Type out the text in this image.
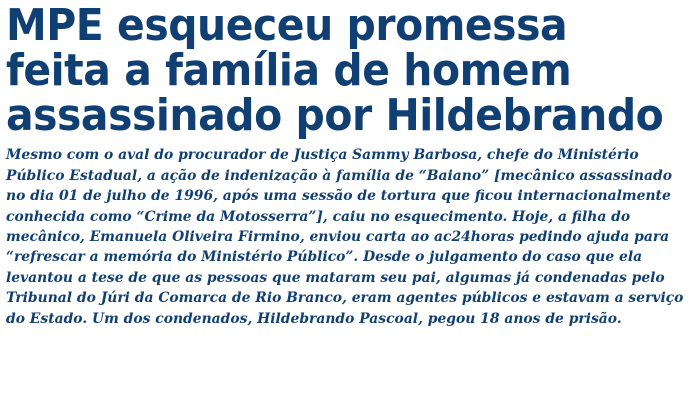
MPE esqueceu promessa
feita a família de homem
assassinado por Hildebrando

Mesmo com o aval do procurador de Justiça Sammy Barbosa, chefe do Ministério Público Estadual, a ação de indenização à família de “Baiano” [mecânico assassinado no dia 01 de julho de 1996, após uma sessão de tortura que ficou internacionalmente conhecida como “Crime da Motosserra”], caiu no esquecimento. Hoje, a filha do mecânico, Emanuela Oliveira Firmino, enviou carta ao ac24horas pedindo ajuda para “refrescar a memória do Ministério Público”. Desde o julgamento do caso que ela levantou a tese de que as pessoas que mataram seu pai, algumas já condenadas pelo Tribunal do Júri da Comarca de Rio Branco, eram agentes públicos e estavam a serviço do Estado. Um dos condenados, Hildebrando Pascoal, pegou 18 anos de prisão.
